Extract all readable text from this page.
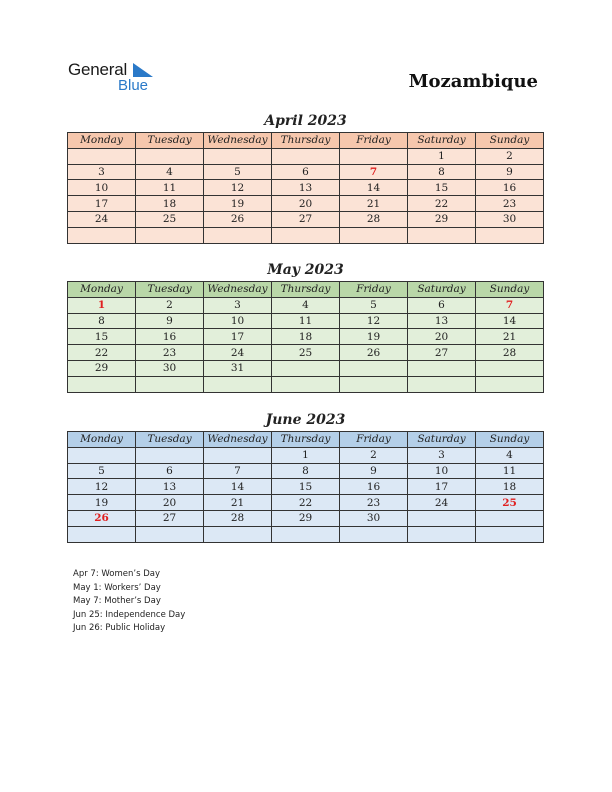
General
Blue	Mozambique
April 2023
Monday	Tuesday	Wednesday	Thursday	Friday	Saturday	Sunday
					1	2
3	4	5	6	7	8	9
10	11	12	13	14	15	16
17	18	19	20	21	22	23
24	25	26	27	28	29	30

May 2023
Monday	Tuesday	Wednesday	Thursday	Friday	Saturday	Sunday
1	2	3	4	5	6	7
8	9	10	11	12	13	14
15	16	17	18	19	20	21
22	23	24	25	26	27	28
29	30	31				

June 2023
Monday	Tuesday	Wednesday	Thursday	Friday	Saturday	Sunday
			1	2	3	4
5	6	7	8	9	10	11
12	13	14	15	16	17	18
19	20	21	22	23	24	25
26	27	28	29	30		

Apr 7: Women’s Day
May 1: Workers’ Day
May 7: Mother’s Day
Jun 25: Independence Day
Jun 26: Public Holiday
